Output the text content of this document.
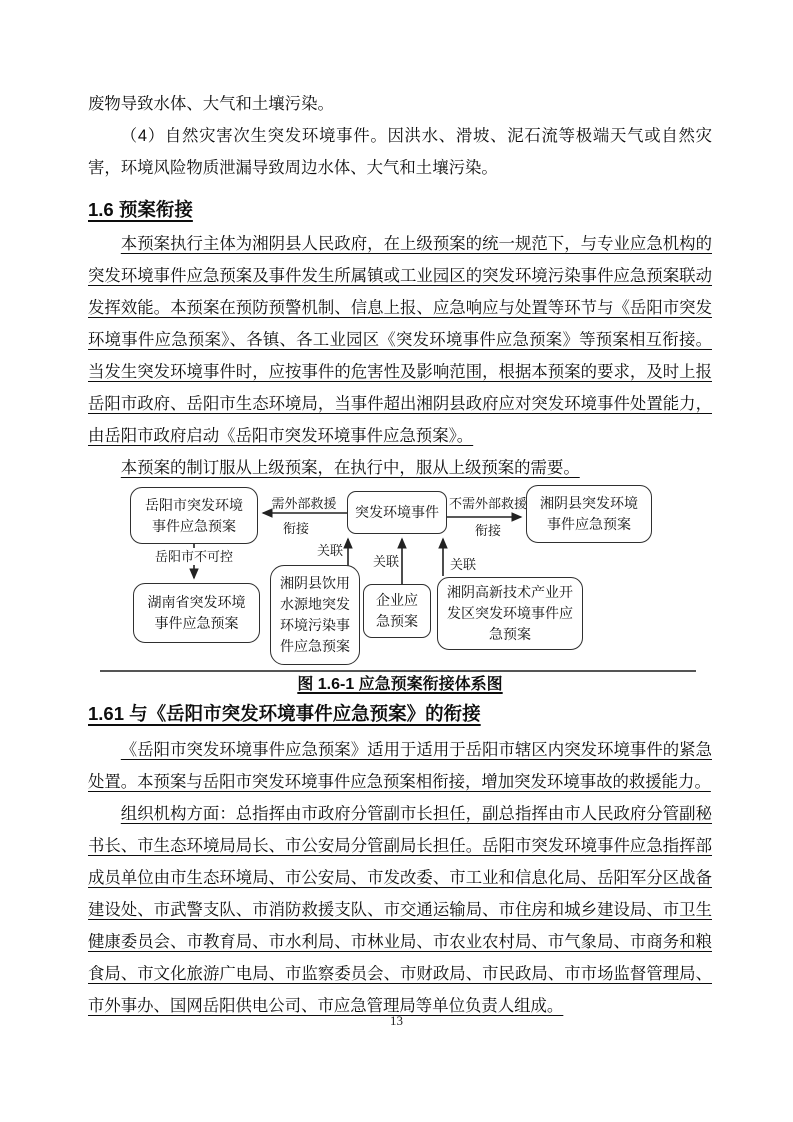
废物导致水体、大气和土壤污染。

（4）自然灾害次生突发环境事件。因洪水、滑坡、泥石流等极端天气或自然灾害，环境风险物质泄漏导致周边水体、大气和土壤污染。

1.6 预案衔接

本预案执行主体为湘阴县人民政府，在上级预案的统一规范下，与专业应急机构的突发环境事件应急预案及事件发生所属镇或工业园区的突发环境污染事件应急预案联动发挥效能。本预案在预防预警机制、信息上报、应急响应与处置等环节与《岳阳市突发环境事件应急预案》、各镇、各工业园区《突发环境事件应急预案》等预案相互衔接。当发生突发环境事件时，应按事件的危害性及影响范围，根据本预案的要求，及时上报岳阳市政府、岳阳市生态环境局，当事件超出湘阴县政府应对突发环境事件处置能力，由岳阳市政府启动《岳阳市突发环境事件应急预案》。

本预案的制订服从上级预案，在执行中，服从上级预案的需要。

岳阳市突发环境事件应急预案
突发环境事件
湘阴县突发环境事件应急预案
湖南省突发环境事件应急预案
湘阴县饮用水源地突发环境污染事件应急预案
企业应急预案
湘阴高新技术产业开发区突发环境事件应急预案
需外部救援
衔接
不需外部救援
衔接
岳阳市不可控	关联
关联	关联
图 1.6-1 应急预案衔接体系图
1.61 与《岳阳市突发环境事件应急预案》的衔接

《岳阳市突发环境事件应急预案》适用于适用于岳阳市辖区内突发环境事件的紧急处置。本预案与岳阳市突发环境事件应急预案相衔接，增加突发环境事故的救援能力。

组织机构方面：总指挥由市政府分管副市长担任，副总指挥由市人民政府分管副秘书长、市生态环境局局长、市公安局分管副局长担任。岳阳市突发环境事件应急指挥部成员单位由市生态环境局、市公安局、市发改委、市工业和信息化局、岳阳军分区战备建设处、市武警支队、市消防救援支队、市交通运输局、市住房和城乡建设局、市卫生健康委员会、市教育局、市水利局、市林业局、市农业农村局、市气象局、市商务和粮食局、市文化旅游广电局、市监察委员会、市财政局、市民政局、市市场监督管理局、市外事办、国网岳阳供电公司、市应急管理局等单位负责人组成。

13
